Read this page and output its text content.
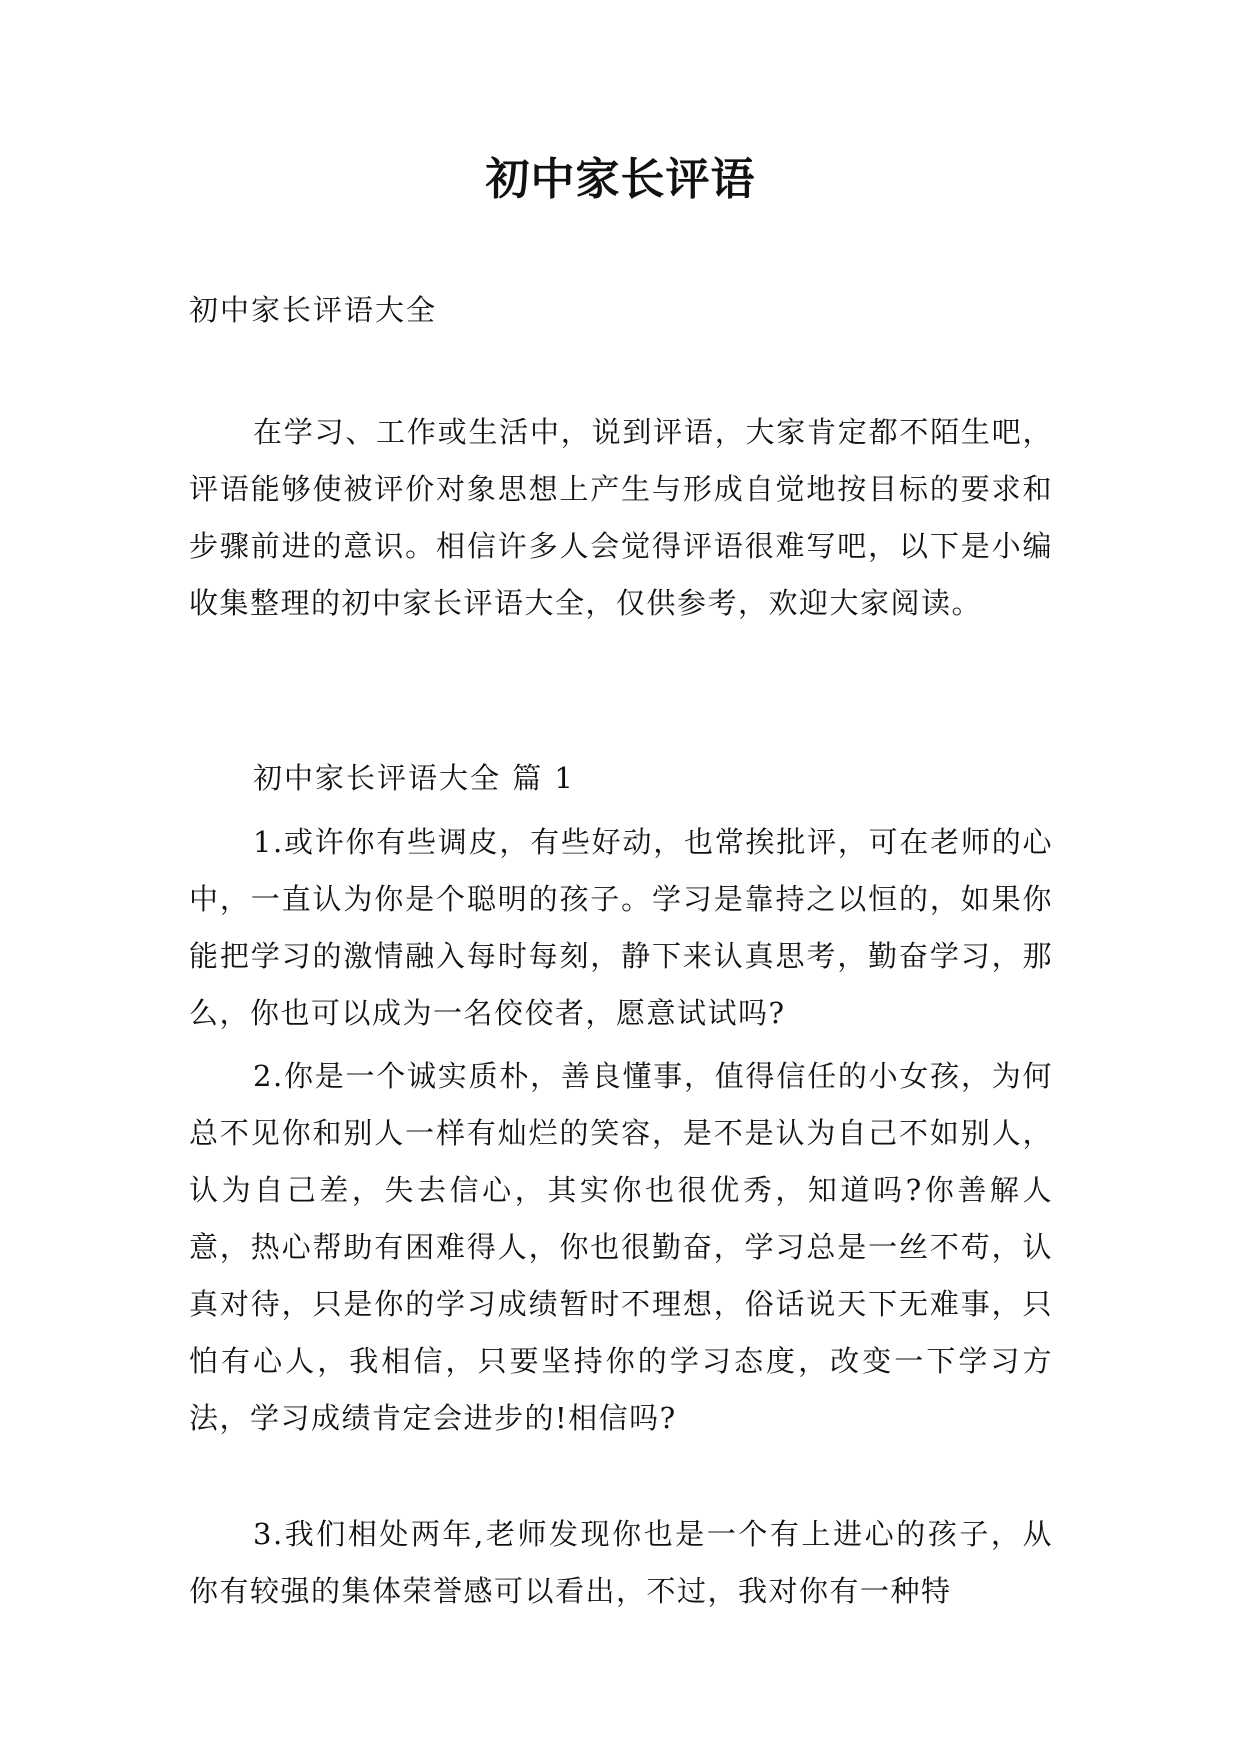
初中家长评语
初中家长评语大全

在学习、工作或生活中，说到评语，大家肯定都不陌生吧，评语能够使被评价对象思想上产生与形成自觉地按目标的要求和步骤前进的意识。相信许多人会觉得评语很难写吧，以下是小编收集整理的初中家长评语大全，仅供参考，欢迎大家阅读。

初中家长评语大全 篇 1

1.或许你有些调皮，有些好动，也常挨批评，可在老师的心中，一直认为你是个聪明的孩子。学习是靠持之以恒的，如果你能把学习的激情融入每时每刻，静下来认真思考，勤奋学习，那么，你也可以成为一名佼佼者，愿意试试吗?

2.你是一个诚实质朴，善良懂事，值得信任的小女孩，为何总不见你和别人一样有灿烂的笑容，是不是认为自己不如别人，认为自己差，失去信心，其实你也很优秀，知道吗?你善解人意，热心帮助有困难得人，你也很勤奋，学习总是一丝不苟，认真对待，只是你的学习成绩暂时不理想，俗话说天下无难事，只怕有心人，我相信，只要坚持你的学习态度，改变一下学习方法，学习成绩肯定会进步的!相信吗?

3.我们相处两年,老师发现你也是一个有上进心的孩子，从你有较强的集体荣誉感可以看出，不过，我对你有一种特
